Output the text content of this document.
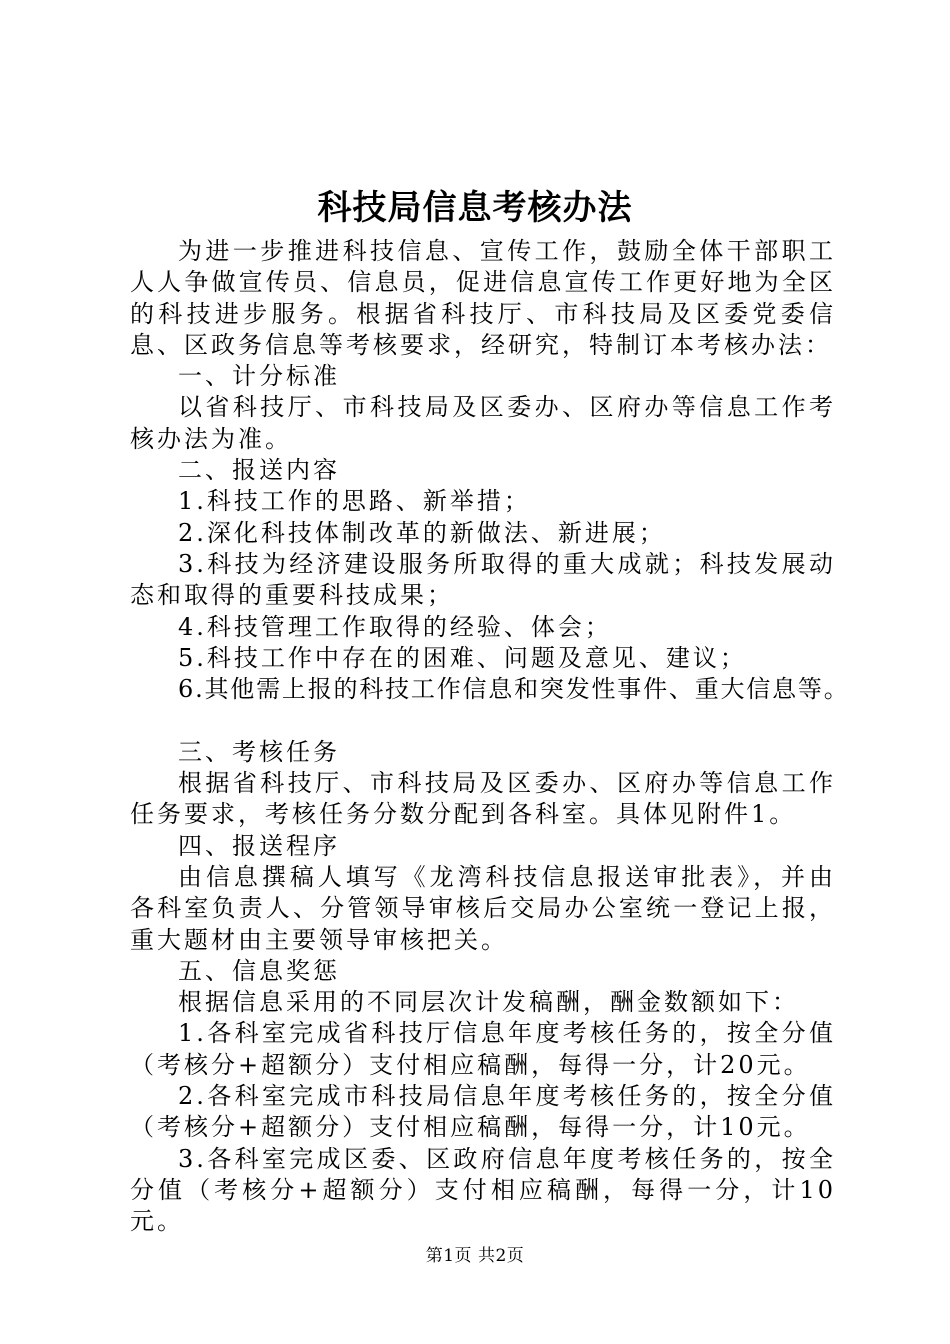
科技局信息考核办法

为进一步推进科技信息、宣传工作，鼓励全体干部职工人人争做宣传员、信息员，促进信息宣传工作更好地为全区的科技进步服务。根据省科技厅、市科技局及区委党委信息、区政务信息等考核要求，经研究，特制订本考核办法：

一、计分标准

以省科技厅、市科技局及区委办、区府办等信息工作考核办法为准。

二、报送内容

1.科技工作的思路、新举措；

2.深化科技体制改革的新做法、新进展；

3.科技为经济建设服务所取得的重大成就；科技发展动态和取得的重要科技成果；

4.科技管理工作取得的经验、体会；

5.科技工作中存在的困难、问题及意见、建议；

6.其他需上报的科技工作信息和突发性事件、重大信息等。

三、考核任务

根据省科技厅、市科技局及区委办、区府办等信息工作任务要求，考核任务分数分配到各科室。具体见附件1。

四、报送程序

由信息撰稿人填写《龙湾科技信息报送审批表》，并由各科室负责人、分管领导审核后交局办公室统一登记上报，重大题材由主要领导审核把关。

五、信息奖惩

根据信息采用的不同层次计发稿酬，酬金数额如下：

1.各科室完成省科技厅信息年度考核任务的，按全分值（考核分+超额分）支付相应稿酬，每得一分，计20元。

2.各科室完成市科技局信息年度考核任务的，按全分值（考核分+超额分）支付相应稿酬，每得一分，计10元。

3.各科室完成区委、区政府信息年度考核任务的，按全分值（考核分+超额分）支付相应稿酬，每得一分，计10元。

第1页 共2页
